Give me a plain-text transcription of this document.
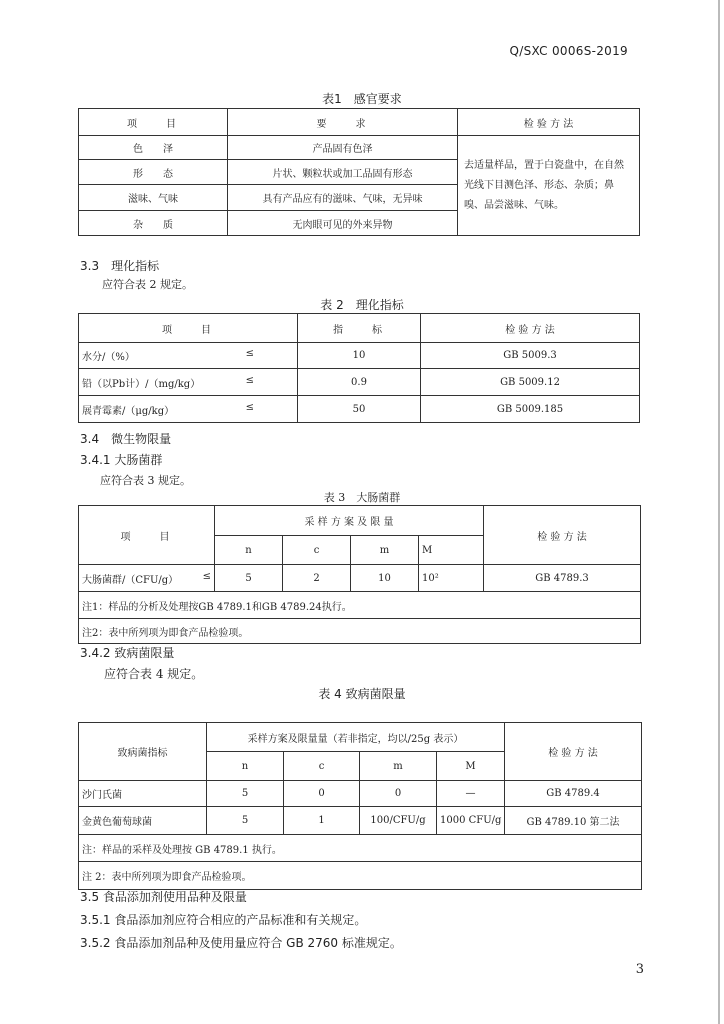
Q/SXC 0006S-2019
表1　感官要求
项　　目	要　　求	检 验 方 法
色　　泽	产品固有色泽	去适量样品，置于白瓷盘中，在自然光线下目测色泽、形态、杂质；鼻嗅、品尝滋味、气味。
形　　态	片状、颗粒状或加工品固有形态	
滋味、气味	具有产品应有的滋味、气味，无异味	
杂　　质	无肉眼可见的外来异物	
3.3　理化指标
应符合表 2 规定。
表 2　理化指标
项　　目	指　　标	检 验 方 法
水分/（%） ≤	10	GB 5009.3
铅（以Pb计）/（mg/kg） ≤	0.9	GB 5009.12
展青霉素/（μg/kg） ≤	50	GB 5009.185
3.4　微生物限量
3.4.1 大肠菌群
应符合表 3 规定。
表 3　大肠菌群
项　　目	采 样 方 案 及 限 量				检 验 方 法
	n	c	m	M	
大肠菌群/（CFU/g） ≤	5	2	10	10²	GB 4789.3
注1：样品的分析及处理按GB 4789.1和GB 4789.24执行。					
注2：表中所列项为即食产品检验项。					
3.4.2 致病菌限量
应符合表 4 规定。
表 4 致病菌限量
致病菌指标	采样方案及限量量（若非指定，均以/25g 表示）				检 验 方 法
	n	c	m	M	
沙门氏菌	5	0	0	—	GB 4789.4
金黄色葡萄球菌	5	1	100/CFU/g	1000 CFU/g	GB 4789.10 第二法
注：样品的采样及处理按 GB 4789.1 执行。					
注 2：表中所列项为即食产品检验项。					
3.5 食品添加剂使用品种及限量
3.5.1 食品添加剂应符合相应的产品标准和有关规定。
3.5.2 食品添加剂品种及使用量应符合 GB 2760 标准规定。
3
